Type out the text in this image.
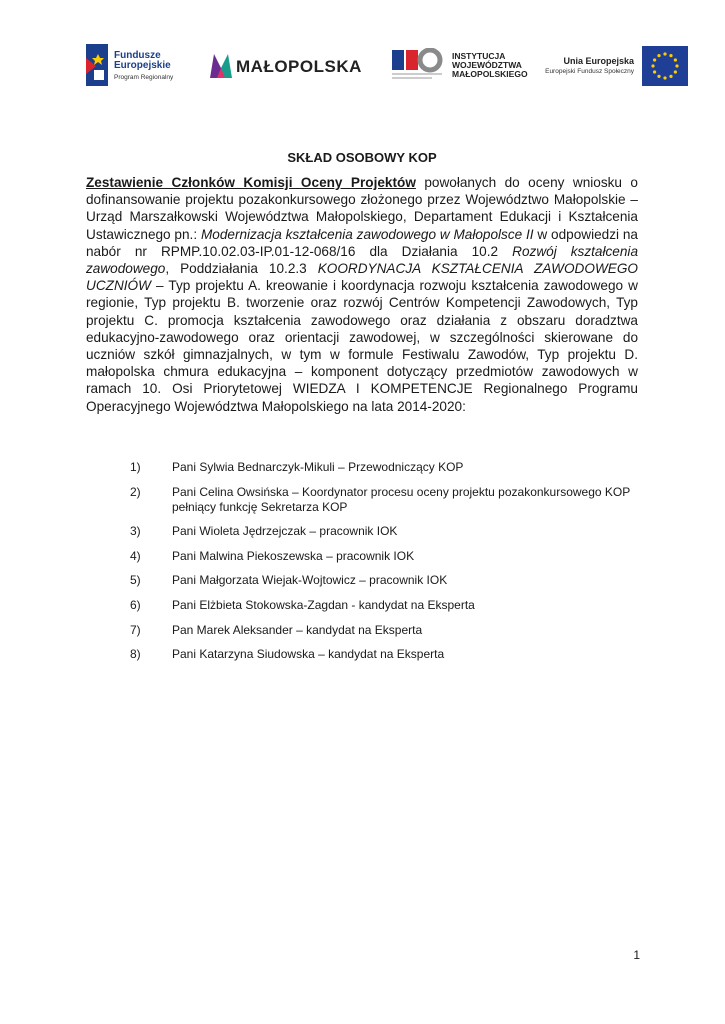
Fundusze
Europejskie
Program Regionalny
MAŁOPOLSKA
INSTYTUCJA
WOJEWÓDZTWA
MAŁOPOLSKIEGO
Unia Europejska
Europejski Fundusz Społeczny
SKŁAD OSOBOWY KOP
Zestawienie Członków Komisji Oceny Projektów powołanych do oceny wniosku o dofinansowanie projektu pozakonkursowego złożonego przez Województwo Małopolskie – Urząd Marszałkowski Województwa Małopolskiego, Departament Edukacji i Kształcenia Ustawicznego pn.: Modernizacja kształcenia zawodowego w Małopolsce II w odpowiedzi na nabór nr RPMP.10.02.03-IP.01-12-068/16 dla Działania 10.2 Rozwój kształcenia zawodowego, Poddziałania 10.2.3 KOORDYNACJA KSZTAŁCENIA ZAWODOWEGO UCZNIÓW – Typ projektu A. kreowanie i koordynacja rozwoju kształcenia zawodowego w regionie, Typ projektu B. tworzenie oraz rozwój Centrów Kompetencji Zawodowych, Typ projektu C. promocja kształcenia zawodowego oraz działania z obszaru doradztwa edukacyjno-zawodowego oraz orientacji zawodowej, w szczególności skierowane do uczniów szkół gimnazjalnych, w tym w formule Festiwalu Zawodów, Typ projektu D. małopolska chmura edukacyjna – komponent dotyczący przedmiotów zawodowych w ramach 10. Osi Priorytetowej WIEDZA I KOMPETENCJE Regionalnego Programu Operacyjnego Województwa Małopolskiego na lata 2014-2020:
1)	Pani Sylwia Bednarczyk-Mikuli – Przewodniczący KOP
2)	Pani Celina Owsińska – Koordynator procesu oceny projektu pozakonkursowego KOP pełniący funkcję Sekretarza KOP
3)	Pani Wioleta Jędrzejczak – pracownik IOK
4)	Pani Malwina Piekoszewska – pracownik IOK
5)	Pani Małgorzata Wiejak-Wojtowicz – pracownik IOK
6)	Pani Elżbieta Stokowska-Zagdan - kandydat na Eksperta
7)	Pan Marek Aleksander – kandydat na Eksperta
8)	Pani Katarzyna Siudowska – kandydat na Eksperta
1
